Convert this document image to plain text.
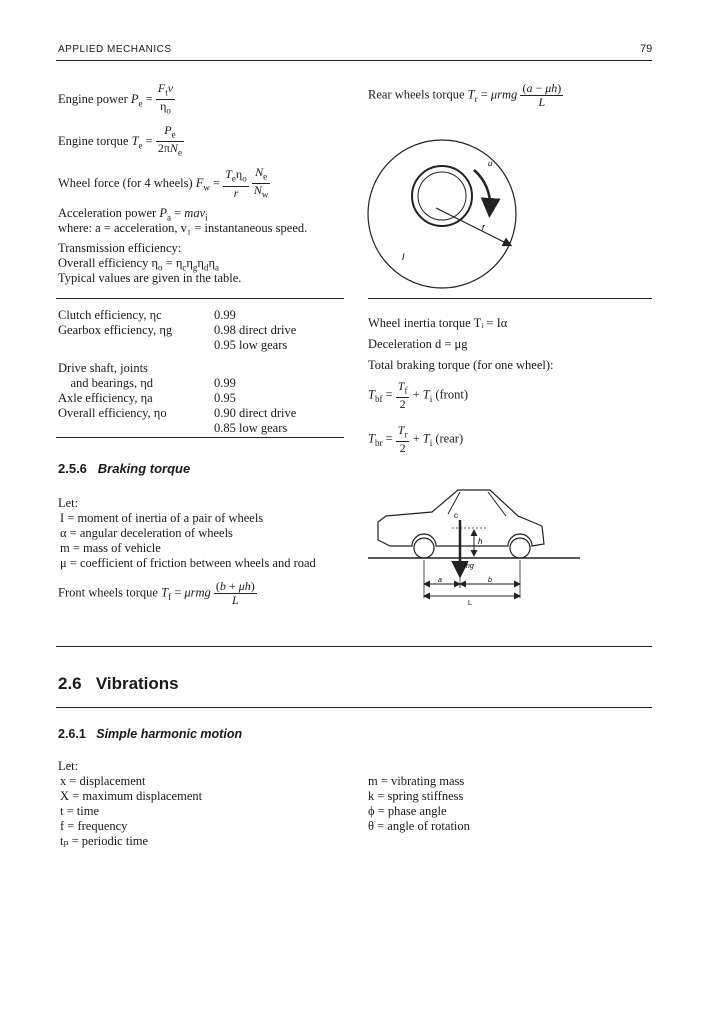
APPLIED MECHANICS	79
Engine power $P_e = \frac{F_tv}{\eta_o}$
Engine torque $T_e = \frac{P_e}{2\pi N_e}$
Wheel force (for 4 wheels) $F_w = \frac{T_e\eta_o}{r}$
$\frac{N_e}{N_w}$
Acceleration power $P_a = mav_i$
where: a = acceleration, v₁ = instantaneous speed.
Transmission efficiency:
Overall efficiency $\eta_o = \eta_c\eta_g\eta_d\eta_a$
Typical values are given in the table.
Clutch efficiency, ηc	0.99
Gearbox efficiency, ηg	0.98 direct drive
0.95 low gears
Drive shaft, joints
 and bearings, ηd	0.99
Axle efficiency, ηa	0.95
Overall efficiency, ηo	0.90 direct drive
0.85 low gears
Rear wheels torque $T_r = \mu rmg \frac{(a - \mu h)}{L}$
u
r
I
Wheel inertia torque Tᵢ = Iα
Deceleration d = μg
Total braking torque (for one wheel):
$T_{bf} = \frac{T_f}{2} + T_i$ (front)
$T_{br} = \frac{T_r}{2} + T_i$ (rear)
2.5.6 Braking torque
Let:
I = moment of inertia of a pair of wheels
α = angular deceleration of wheels
m = mass of vehicle
μ = coefficient of friction between wheels and road
Front wheels torque $T_f = \mu rmg \frac{(b + \mu h)}{L}$
c
h
mg
a	b
L
2.6 Vibrations
2.6.1 Simple harmonic motion
Let:
x = displacement
X = maximum displacement
t = time
f = frequency
tₚ = periodic time
m = vibrating mass
k = spring stiffness
ϕ = phase angle
θ = angle of rotation
